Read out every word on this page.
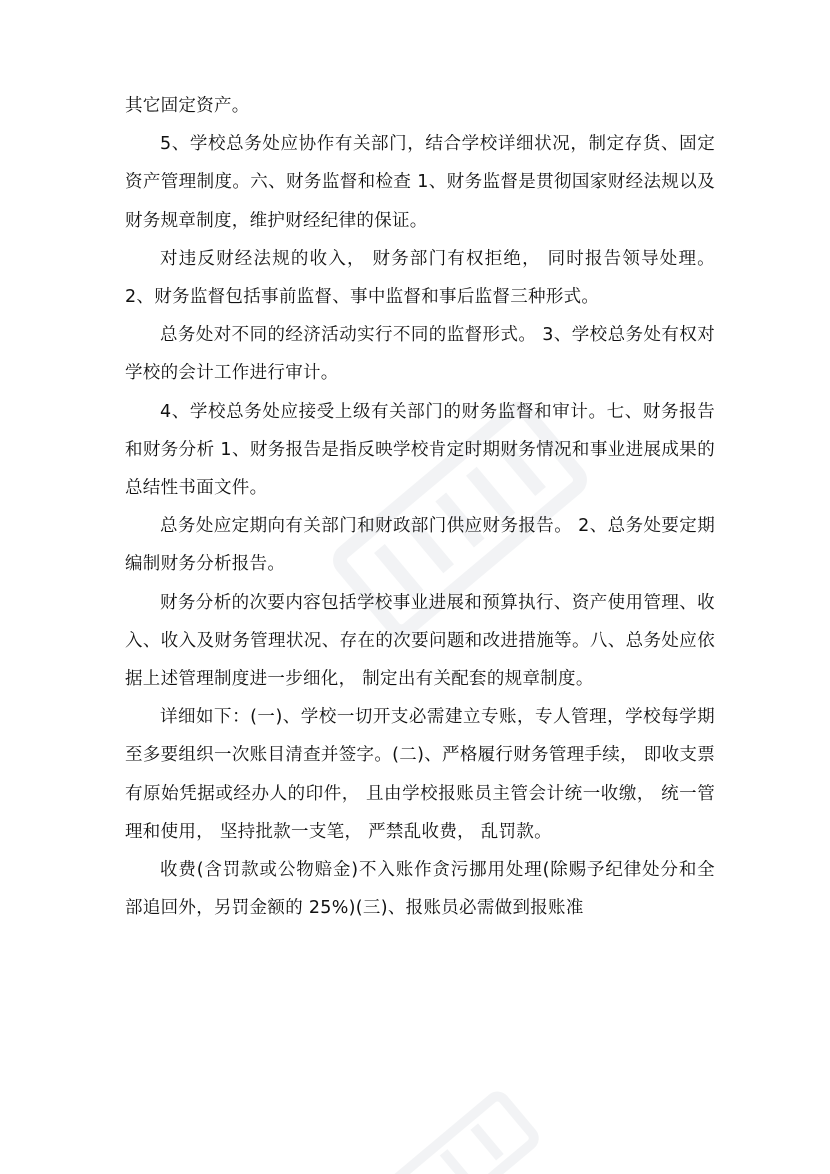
其它固定资产。

5、学校总务处应协作有关部门，结合学校详细状况，制定存货、固定资产管理制度。六、财务监督和检查 1、财务监督是贯彻国家财经法规以及财务规章制度，维护财经纪律的保证。

对违反财经法规的收入， 财务部门有权拒绝， 同时报告领导处理。2、财务监督包括事前监督、事中监督和事后监督三种形式。

总务处对不同的经济活动实行不同的监督形式。 3、学校总务处有权对学校的会计工作进行审计。

4、学校总务处应接受上级有关部门的财务监督和审计。七、财务报告和财务分析 1、财务报告是指反映学校肯定时期财务情况和事业进展成果的总结性书面文件。

总务处应定期向有关部门和财政部门供应财务报告。 2、总务处要定期编制财务分析报告。

财务分析的次要内容包括学校事业进展和预算执行、资产使用管理、收入、收入及财务管理状况、存在的次要问题和改进措施等。八、总务处应依据上述管理制度进一步细化， 制定出有关配套的规章制度。

详细如下：(一)、学校一切开支必需建立专账，专人管理，学校每学期至多要组织一次账目清查并签字。(二)、严格履行财务管理手续， 即收支票有原始凭据或经办人的印件， 且由学校报账员主管会计统一收缴， 统一管理和使用， 坚持批款一支笔， 严禁乱收费， 乱罚款。

收费(含罚款或公物赔金)不入账作贪污挪用处理(除赐予纪律处分和全部追回外，另罚金额的 25%)(三)、报账员必需做到报账准
